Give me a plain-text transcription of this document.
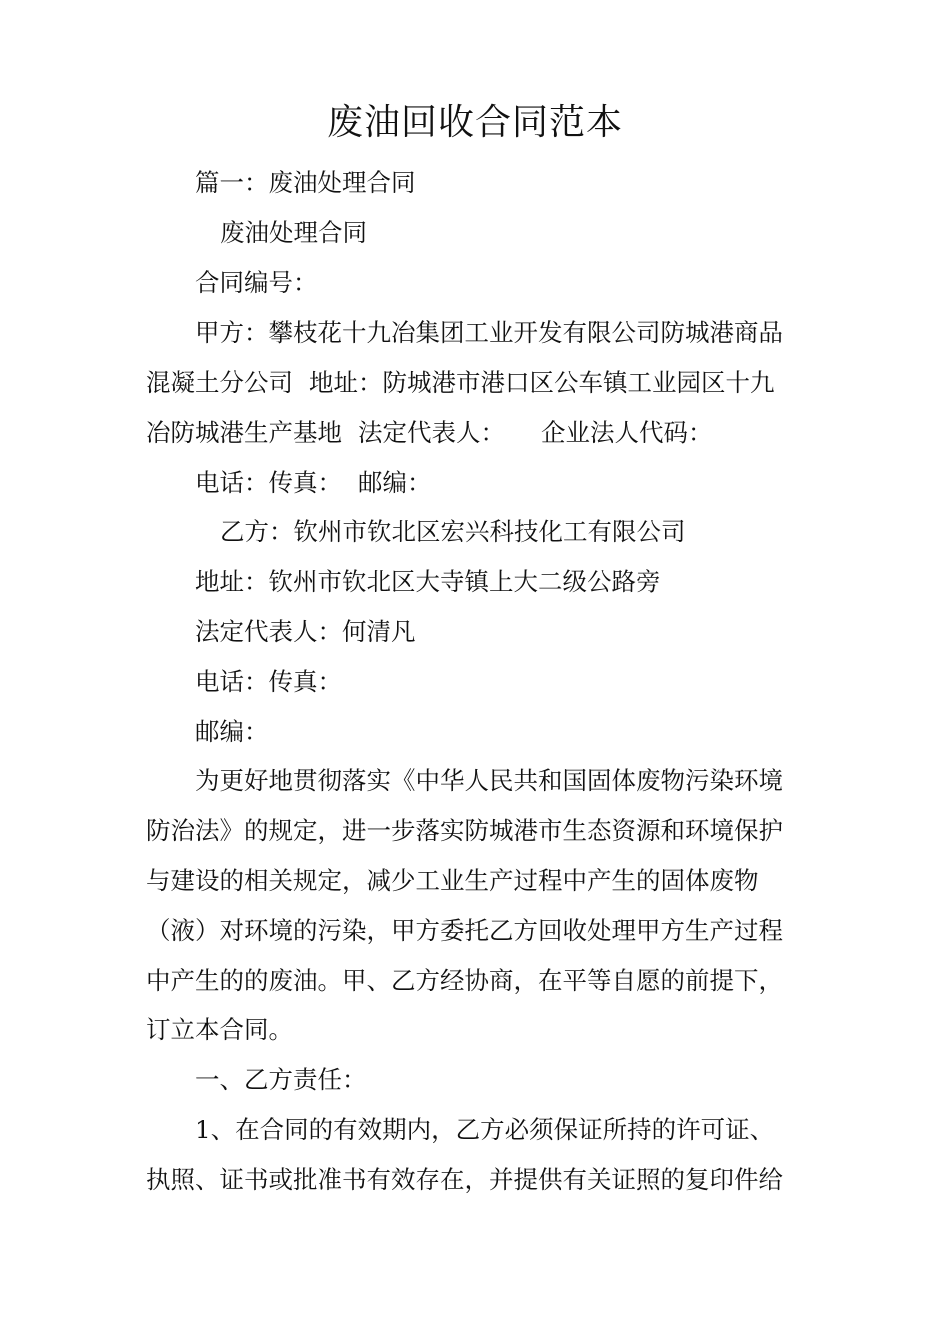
废油回收合同范本

篇一：废油处理合同

废油处理合同

合同编号：

甲方：攀枝花十九冶集团工业开发有限公司防城港商品

混凝土分公司 地址：防城港市港口区公车镇工业园区十九

冶防城港生产基地 法定代表人： 企业法人代码：

电话：传真： 邮编：

乙方：钦州市钦北区宏兴科技化工有限公司

地址：钦州市钦北区大寺镇上大二级公路旁

法定代表人：何清凡

电话：传真：

邮编：

为更好地贯彻落实《中华人民共和国固体废物污染环境

防治法》的规定，进一步落实防城港市生态资源和环境保护

与建设的相关规定，减少工业生产过程中产生的固体废物

（液）对环境的污染，甲方委托乙方回收处理甲方生产过程

中产生的的废油。甲、乙方经协商，在平等自愿的前提下，

订立本合同。

一、乙方责任：

1、在合同的有效期内，乙方必须保证所持的许可证、

执照、证书或批准书有效存在，并提供有关证照的复印件给
